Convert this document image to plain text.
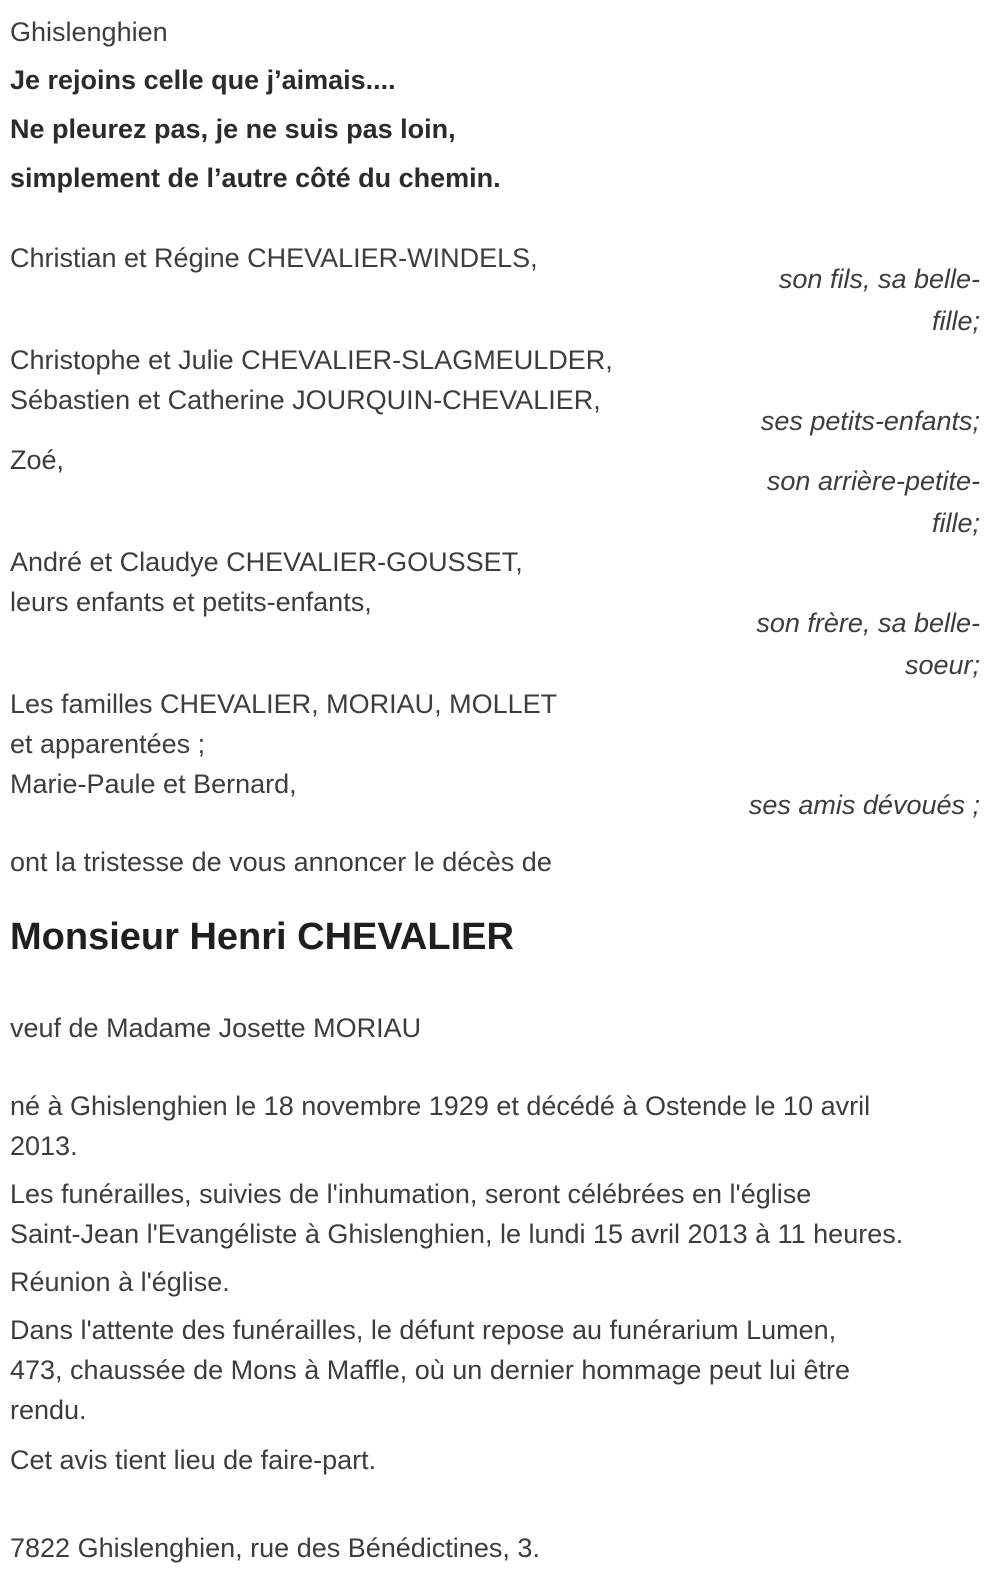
Ghislenghien

Je rejoins celle que j’aimais....

Ne pleurez pas, je ne suis pas loin,

simplement de l’autre côté du chemin.

Christian et Régine CHEVALIER-WINDELS,

son fils, sa belle-
fille;

Christophe et Julie CHEVALIER-SLAGMEULDER,

Sébastien et Catherine JOURQUIN-CHEVALIER,

ses petits-enfants;

Zoé,

son arrière-petite-
fille;

André et Claudye CHEVALIER-GOUSSET,

leurs enfants et petits-enfants,

son frère, sa belle-
soeur;

Les familles CHEVALIER, MORIAU, MOLLET

et apparentées ;

Marie-Paule et Bernard,

ses amis dévoués ;

ont la tristesse de vous annoncer le décès de

Monsieur Henri CHEVALIER

veuf de Madame Josette MORIAU

né à Ghislenghien le 18 novembre 1929 et décédé à Ostende le 10 avril

2013.

Les funérailles, suivies de l'inhumation, seront célébrées en l'église

Saint-Jean l'Evangéliste à Ghislenghien, le lundi 15 avril 2013 à 11 heures.

Réunion à l'église.

Dans l'attente des funérailles, le défunt repose au funérarium Lumen,

473, chaussée de Mons à Maffle, où un dernier hommage peut lui être

rendu.

Cet avis tient lieu de faire-part.

7822 Ghislenghien, rue des Bénédictines, 3.
